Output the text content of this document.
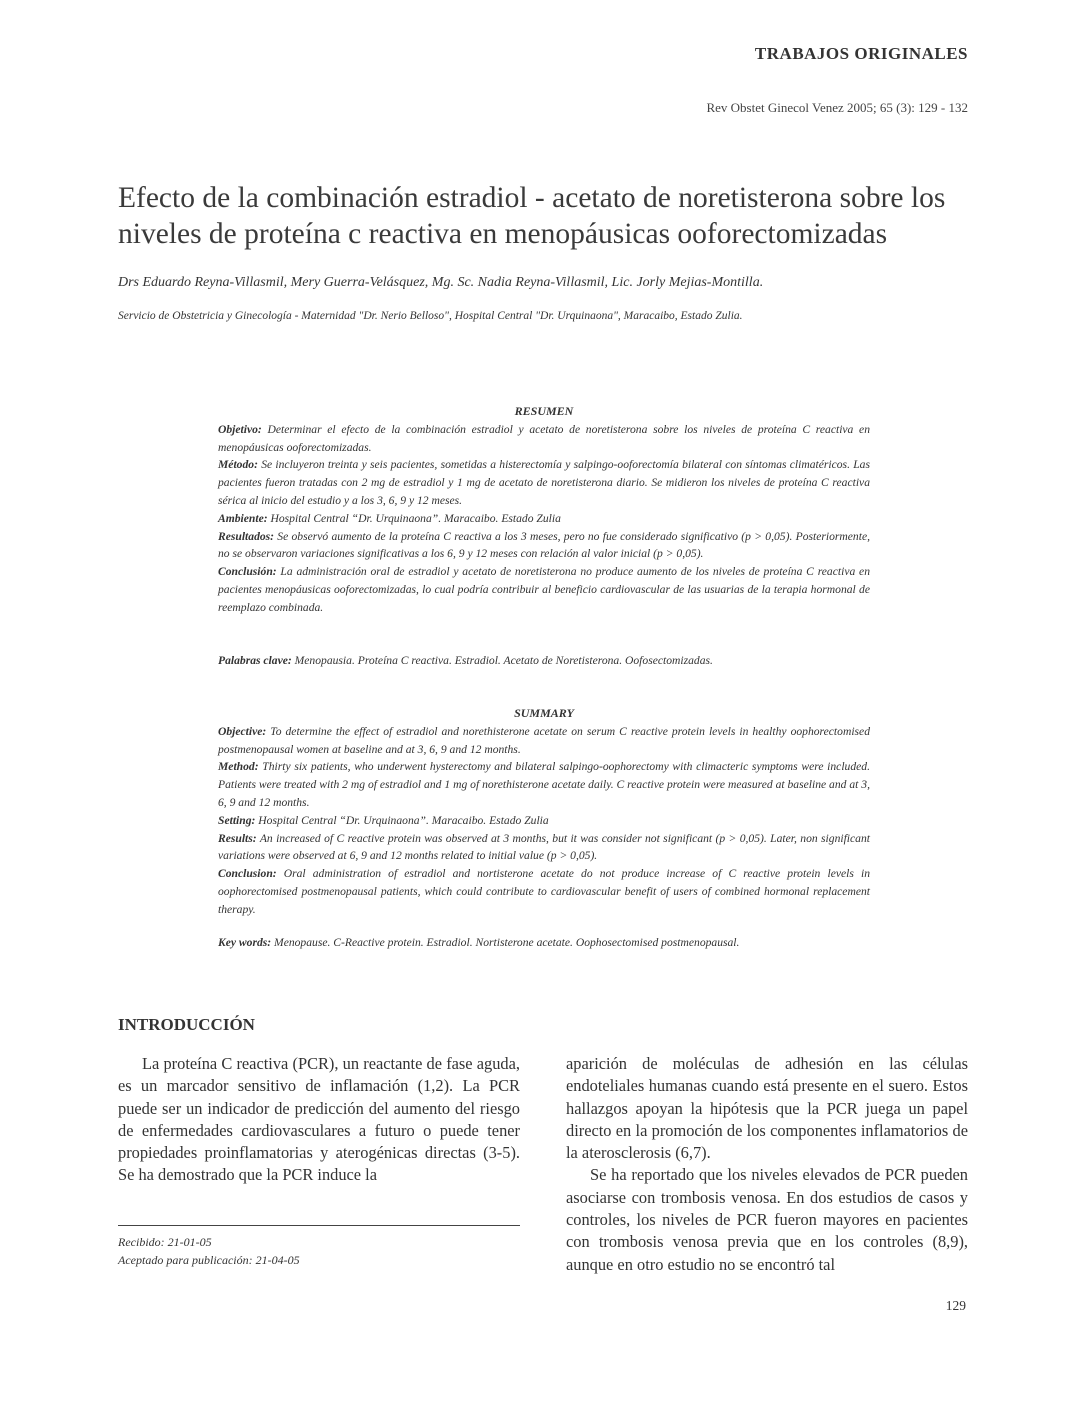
TRABAJOS ORIGINALES
Rev Obstet Ginecol Venez 2005; 65 (3): 129 - 132
Efecto de la combinación estradiol - acetato de noretisterona sobre los niveles de proteína c reactiva en menopáusicas ooforectomizadas
Drs Eduardo Reyna-Villasmil, Mery Guerra-Velásquez, Mg. Sc. Nadia Reyna-Villasmil, Lic. Jorly Mejias-Montilla.
Servicio de Obstetricia y Ginecología - Maternidad "Dr. Nerio Belloso", Hospital Central "Dr. Urquinaona", Maracaibo, Estado Zulia.
RESUMEN

Objetivo: Determinar el efecto de la combinación estradiol y acetato de noretisterona sobre los niveles de proteína C reactiva en menopáusicas ooforectomizadas.

Método: Se incluyeron treinta y seis pacientes, sometidas a histerectomía y salpingo-ooforectomía bilateral con síntomas climatéricos. Las pacientes fueron tratadas con 2 mg de estradiol y 1 mg de acetato de noretisterona diario. Se midieron los niveles de proteína C reactiva sérica al inicio del estudio y a los 3, 6, 9 y 12 meses.

Ambiente: Hospital Central “Dr. Urquinaona”. Maracaibo. Estado Zulia

Resultados: Se observó aumento de la proteína C reactiva a los 3 meses, pero no fue considerado significativo (p > 0,05). Posteriormente, no se observaron variaciones significativas a los 6, 9 y 12 meses con relación al valor inicial (p > 0,05).

Conclusión: La administración oral de estradiol y acetato de noretisterona no produce aumento de los niveles de proteína C reactiva en pacientes menopáusicas ooforectomizadas, lo cual podría contribuir al beneficio cardiovascular de las usuarias de la terapia hormonal de reemplazo combinada.

Palabras clave: Menopausia. Proteína C reactiva. Estradiol. Acetato de Noretisterona. Oofosectomizadas.
SUMMARY

Objective: To determine the effect of estradiol and norethisterone acetate on serum C reactive protein levels in healthy oophorectomised postmenopausal women at baseline and at 3, 6, 9 and 12 months.

Method: Thirty six patients, who underwent hysterectomy and bilateral salpingo-oophorectomy with climacteric symptoms were included. Patients were treated with 2 mg of estradiol and 1 mg of norethisterone acetate daily. C reactive protein were measured at baseline and at 3, 6, 9 and 12 months.

Setting: Hospital Central “Dr. Urquinaona”. Maracaibo. Estado Zulia

Results: An increased of C reactive protein was observed at 3 months, but it was consider not significant (p > 0,05). Later, non significant variations were observed at 6, 9 and 12 months related to initial value (p > 0,05).

Conclusion: Oral administration of estradiol and nortisterone acetate do not produce increase of C reactive protein levels in oophorectomised postmenopausal patients, which could contribute to cardiovascular benefit of users of combined hormonal replacement therapy.

Key words: Menopause. C-Reactive protein. Estradiol. Nortisterone acetate. Oophosectomised postmenopausal.
INTRODUCCIÓN

La proteína C reactiva (PCR), un reactante de fase aguda, es un marcador sensitivo de inflamación (1,2). La PCR puede ser un indicador de predicción del aumento del riesgo de enfermedades cardiovasculares a futuro o puede tener propiedades proinflamatorias y aterogénicas directas (3-5). Se ha demostrado que la PCR induce la

aparición de moléculas de adhesión en las células endoteliales humanas cuando está presente en el suero. Estos hallazgos apoyan la hipótesis que la PCR juega un papel directo en la promoción de los componentes inflamatorios de la aterosclerosis (6,7).

Se ha reportado que los niveles elevados de PCR pueden asociarse con trombosis venosa. En dos estudios de casos y controles, los niveles de PCR fueron mayores en pacientes con trombosis venosa previa que en los controles (8,9), aunque en otro estudio no se encontró tal

Recibido: 21-01-05
Aceptado para publicación: 21-04-05
129
